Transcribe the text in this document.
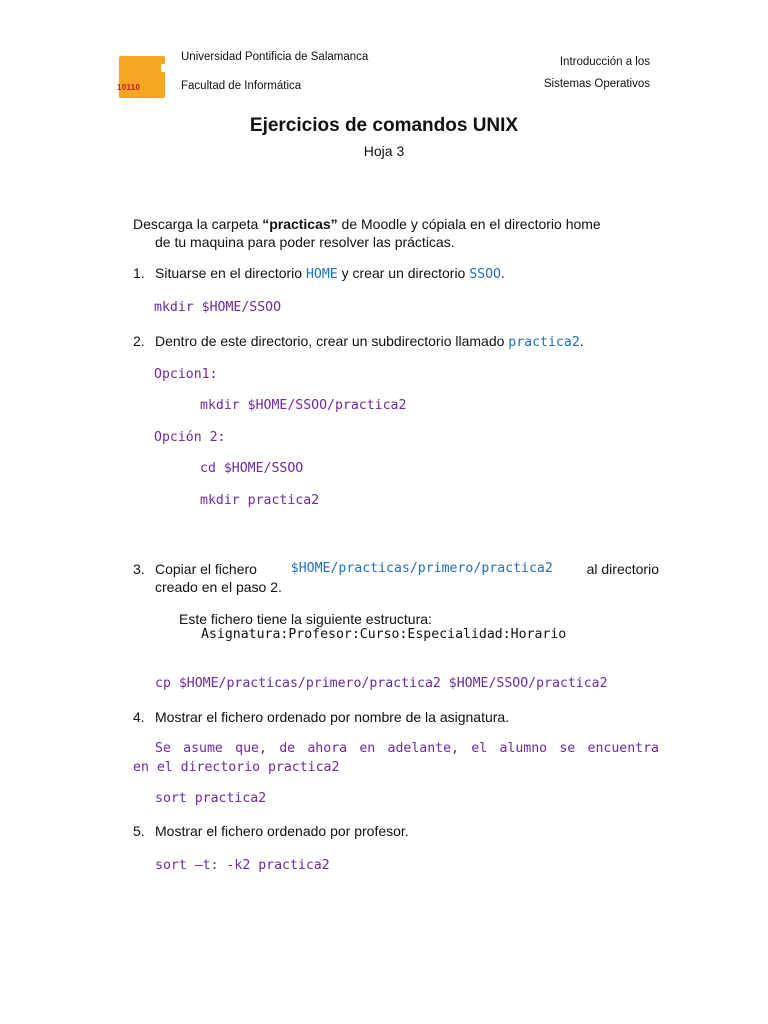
10110
Universidad Pontificia de Salamanca
Facultad de Informática
Introducción a los
Sistemas Operativos
Ejercicios de comandos UNIX
Hoja 3
Descarga la carpeta “practicas” de Moodle y cópiala en el directorio home
de tu maquina para poder resolver las prácticas.
1. Situarse en el directorio HOME y crear un directorio SSOO.
mkdir $HOME/SSOO
2. Dentro de este directorio, crear un subdirectorio llamado practica2.
Opcion1:
mkdir $HOME/SSOO/practica2
Opción 2:
cd $HOME/SSOO
mkdir practica2
3. Copiar el fichero	$HOME/practicas/primero/practica2 al directorio
creado en el paso 2.
Este fichero tiene la siguiente estructura:
Asignatura:Profesor:Curso:Especialidad:Horario
cp $HOME/practicas/primero/practica2 $HOME/SSOO/practica2
4. Mostrar el fichero ordenado por nombre de la asignatura.
Se asume que, de ahora en adelante, el alumno se encuentra
en el directorio practica2
sort practica2
5. Mostrar el fichero ordenado por profesor.
sort –t: -k2 practica2
